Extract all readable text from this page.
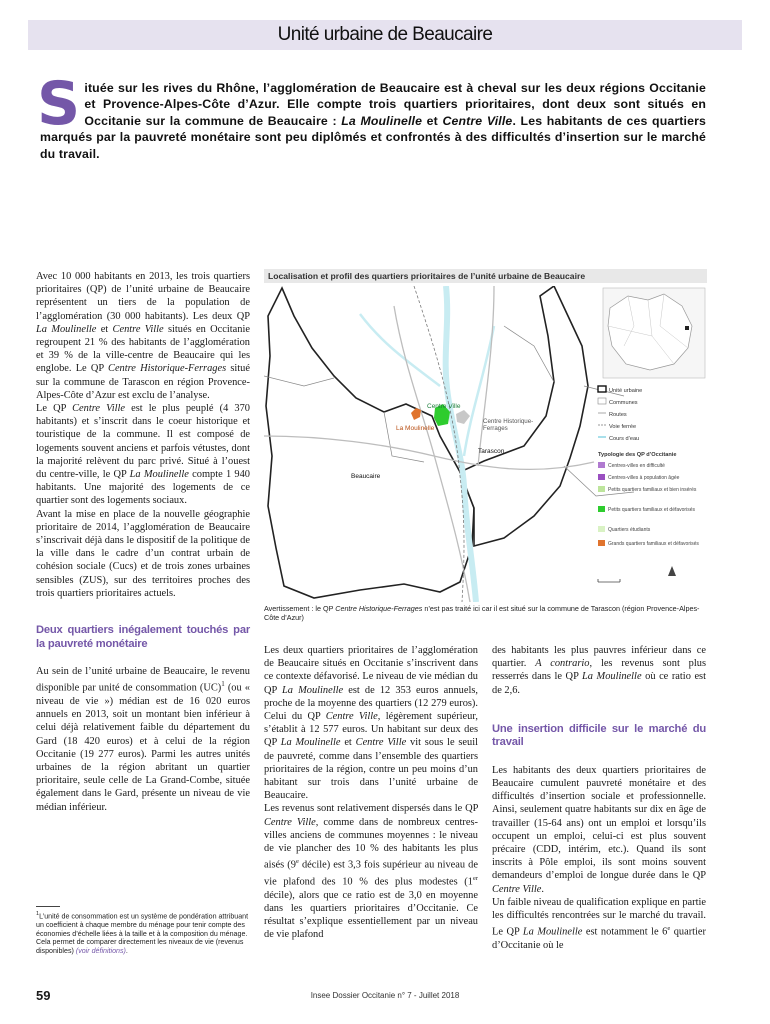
Unité urbaine de Beaucaire
Située sur les rives du Rhône, l’agglomération de Beaucaire est à cheval sur les deux régions Occitanie et Provence-Alpes-Côte d’Azur. Elle compte trois quartiers prioritaires, dont deux sont situés en Occitanie sur la commune de Beaucaire : La Moulinelle et Centre Ville. Les habitants de ces quartiers marqués par la pauvreté monétaire sont peu diplômés et confrontés à des difficultés d’insertion sur le marché du travail.

Avec 10 000 habitants en 2013, les trois quartiers prioritaires (QP) de l’unité urbaine de Beaucaire représentent un tiers de la population de l’agglomération (30 000 habitants). Les deux QP La Moulinelle et Centre Ville situés en Occitanie regroupent 21 % des habitants de l’agglomération et 39 % de la ville-centre de Beaucaire qui les englobe. Le QP Centre Historique-Ferrages situé sur la commune de Tarascon en région Provence-Alpes-Côte d’Azur est exclu de l’analyse.

Le QP Centre Ville est le plus peuplé (4 370 habitants) et s’inscrit dans le coeur historique et touristique de la commune. Il est composé de logements souvent anciens et parfois vétustes, dont la majorité relèvent du parc privé. Situé à l’ouest du centre-ville, le QP La Moulinelle compte 1 940 habitants. Une majorité des logements de ce quartier sont des logements sociaux.

Avant la mise en place de la nouvelle géographie prioritaire de 2014, l’agglomération de Beaucaire s’inscrivait déjà dans le dispositif de la politique de la ville dans le cadre d’un contrat urbain de cohésion sociale (Cucs) et de trois zones urbaines sensibles (ZUS), sur des territoires proches des trois quartiers prioritaires actuels.

Deux quartiers inégalement touchés par la pauvreté monétaire

Au sein de l’unité urbaine de Beaucaire, le revenu disponible par unité de consommation (UC)$^1$ (ou « niveau de vie ») médian est de 16 020 euros annuels en 2013, soit un montant bien inférieur à celui déjà relativement faible du département du Gard (18 420 euros) et à celui de la région Occitanie (19 277 euros). Parmi les autres unités urbaines de la région abritant un quartier prioritaire, seule celle de La Grand-Combe, située également dans le Gard, présente un niveau de vie médian inférieur.

$^1$L’unité de consommation est un système de pondération attribuant un coefficient à chaque membre du ménage pour tenir compte des économies d’échelle liées à la taille et à la composition du ménage. Cela permet de comparer directement les niveaux de vie (revenus disponibles) (voir définitions).
Localisation et profil des quartiers prioritaires de l’unité urbaine de Beaucaire
Centre Ville
La Moulinelle
Centre Historique-Ferrages
Beaucaire
Tarascon
Unité urbaine
Communes
Routes
Voie ferrée
Cours d’eau
Typologie des QP d’Occitanie
Centres-villes en difficulté
Centres-villes à population âgée
Petits quartiers familiaux et bien insérés
Petits quartiers familiaux et défavorisés
Quartiers étudiants
Grands quartiers familiaux et défavorisés
Avertissement : le QP Centre Historique-Ferrages n’est pas traité ici car il est situé sur la commune de Tarascon (région Provence-Alpes-Côte d’Azur)

Les deux quartiers prioritaires de l’agglomération de Beaucaire situés en Occitanie s’inscrivent dans ce contexte défavorisé. Le niveau de vie médian du QP La Moulinelle est de 12 353 euros annuels, proche de la moyenne des quartiers (12 279 euros). Celui du QP Centre Ville, légèrement supérieur, s’établit à 12 577 euros. Un habitant sur deux des QP La Moulinelle et Centre Ville vit sous le seuil de pauvreté, comme dans l’ensemble des quartiers prioritaires de la région, contre un peu moins d’un habitant sur trois dans l’unité urbaine de Beaucaire.

Les revenus sont relativement dispersés dans le QP Centre Ville, comme dans de nombreux centres-villes anciens de communes moyennes : le niveau de vie plancher des 10 % des habitants les plus aisés (9e décile) est 3,3 fois supérieur au niveau de vie plafond des 10 % des plus modestes (1er décile), alors que ce ratio est de 3,0 en moyenne dans les quartiers prioritaires d’Occitanie. Ce résultat s’explique essentiellement par un niveau de vie plafond

des habitants les plus pauvres inférieur dans ce quartier. A contrario, les revenus sont plus resserrés dans le QP La Moulinelle où ce ratio est de 2,6.

Une insertion difficile sur le marché du travail

Les habitants des deux quartiers prioritaires de Beaucaire cumulent pauvreté monétaire et des difficultés d’insertion sociale et professionnelle. Ainsi, seulement quatre habitants sur dix en âge de travailler (15-64 ans) ont un emploi et lorsqu’ils occupent un emploi, celui-ci est plus souvent précaire (CDD, intérim, etc.). Quand ils sont inscrits à Pôle emploi, ils sont moins souvent demandeurs d’emploi de longue durée dans le QP Centre Ville.

Un faible niveau de qualification explique en partie les difficultés rencontrées sur le marché du travail. Le QP La Moulinelle est notamment le 6e quartier d’Occitanie où le

59	Insee Dossier Occitanie n° 7 - Juillet 2018
